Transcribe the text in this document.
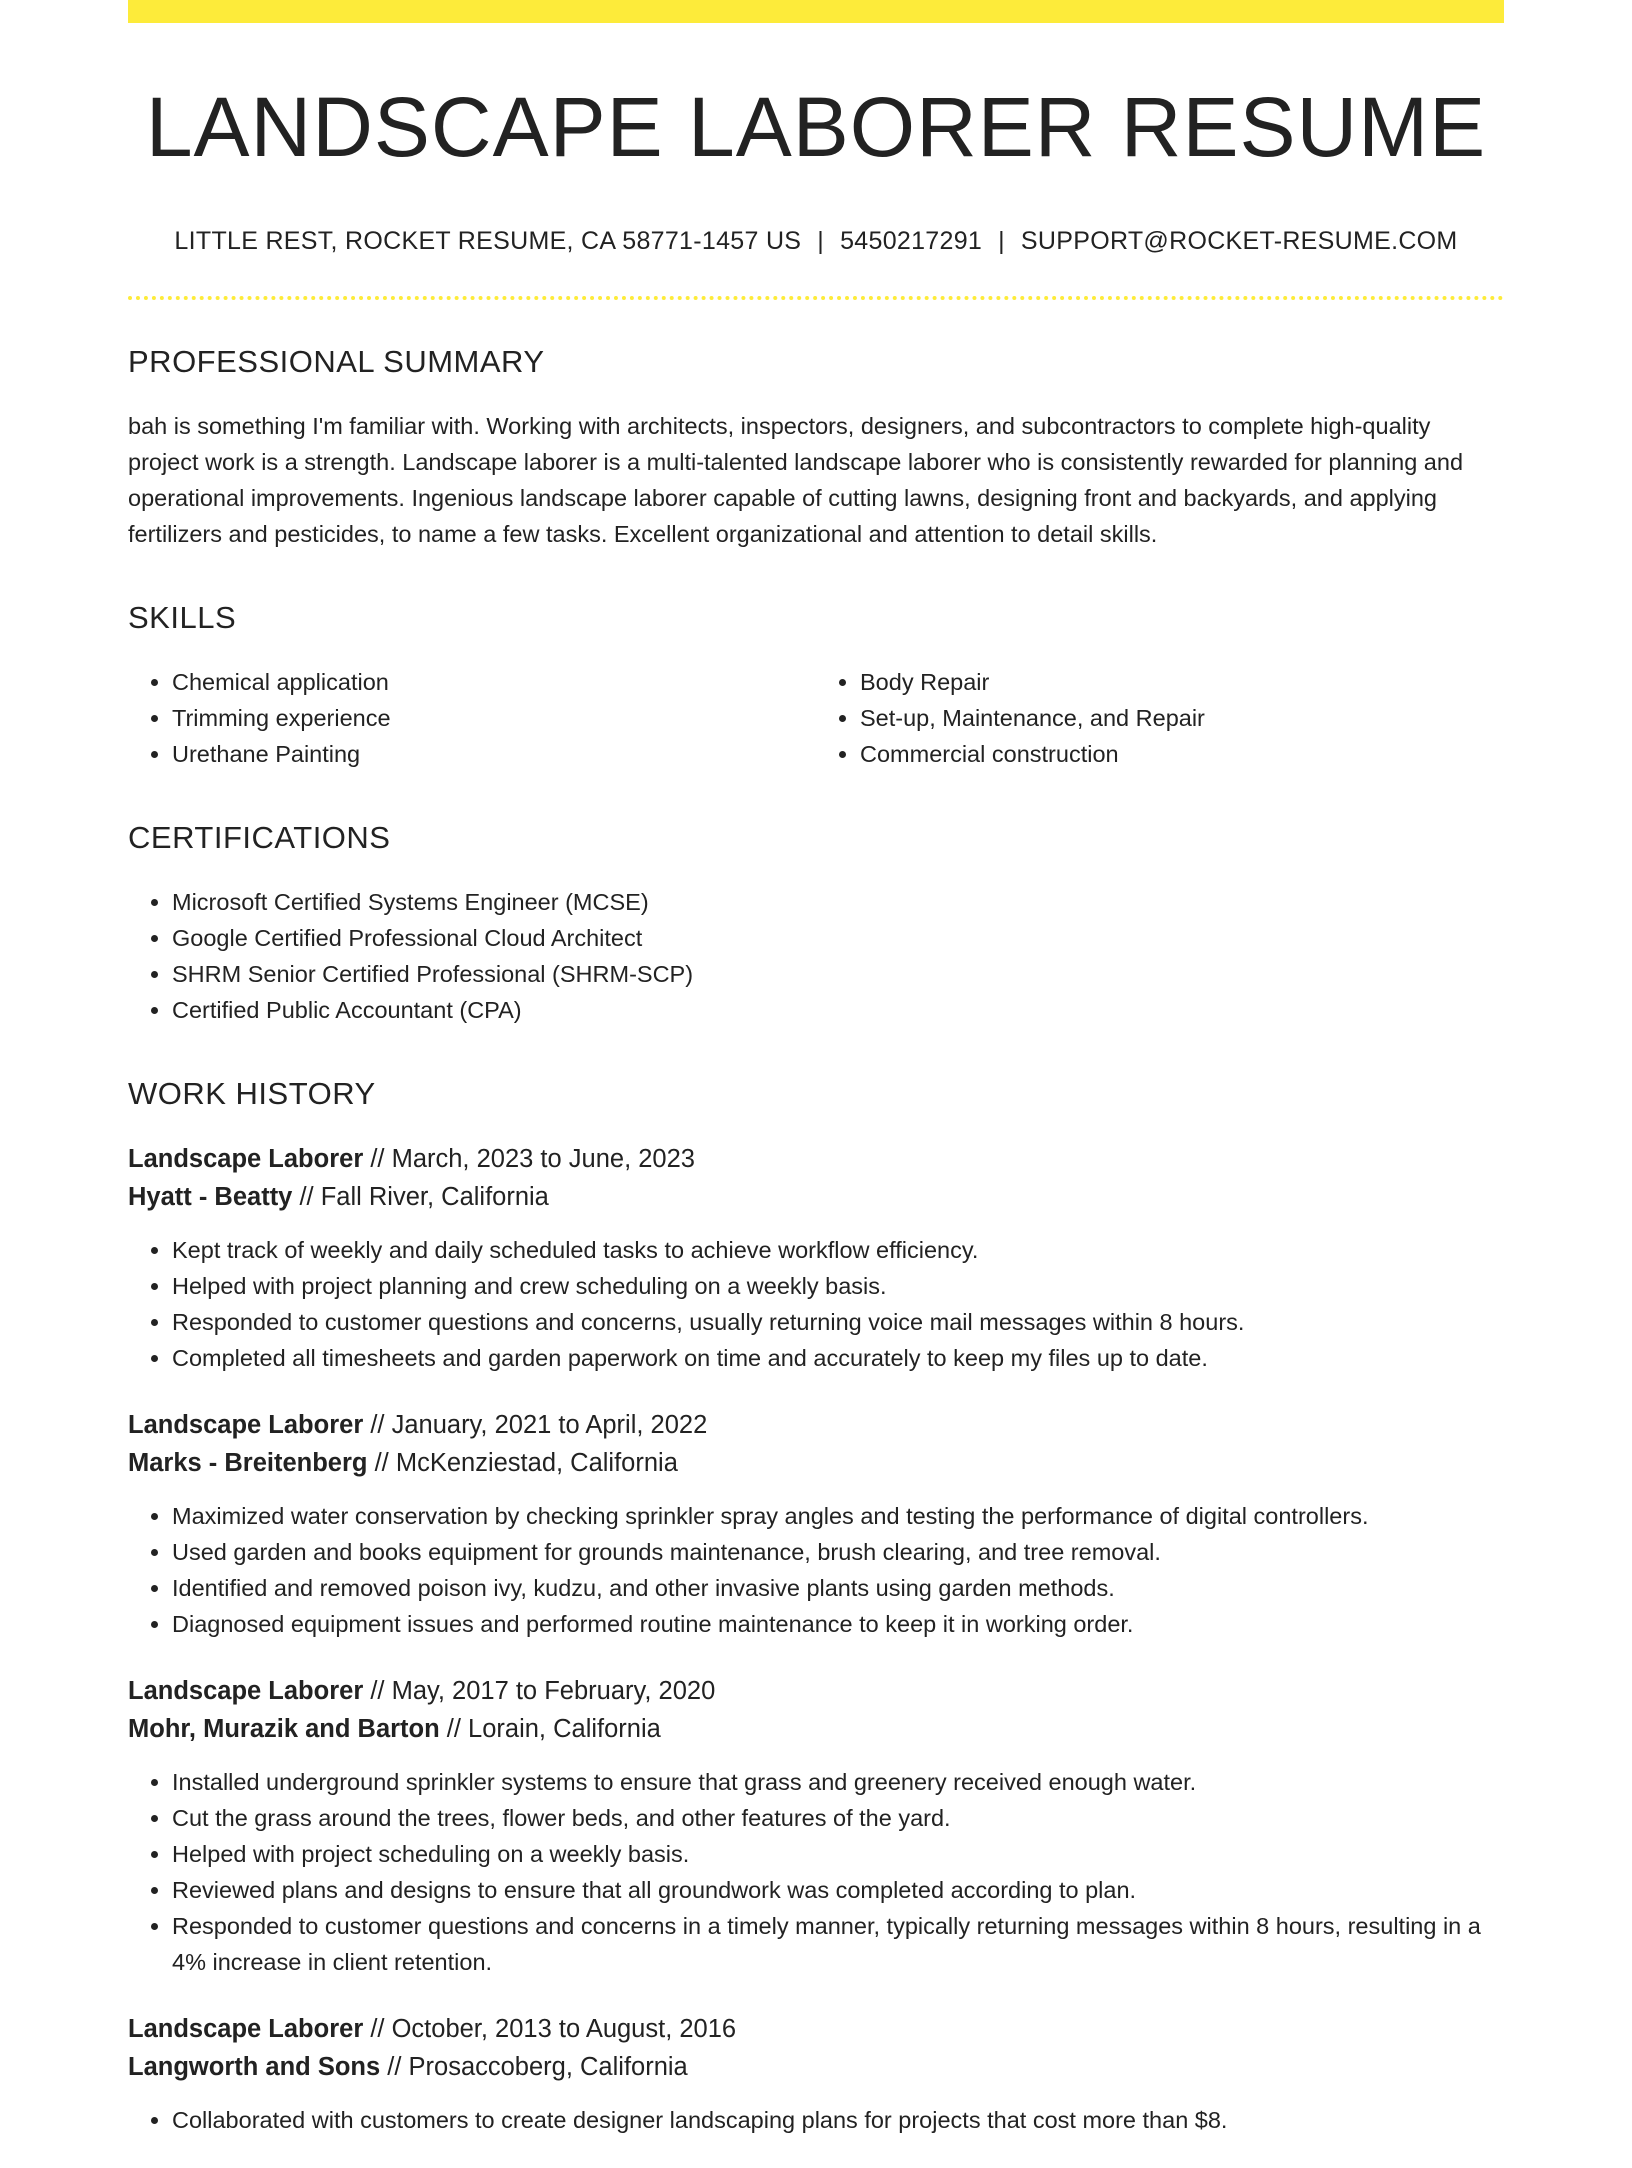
LANDSCAPE LABORER RESUME
LITTLE REST, ROCKET RESUME, CA 58771-1457 US | 5450217291 | SUPPORT@ROCKET-RESUME.COM
PROFESSIONAL SUMMARY

bah is something I'm familiar with. Working with architects, inspectors, designers, and subcontractors to complete high-quality project work is a strength. Landscape laborer is a multi-talented landscape laborer who is consistently rewarded for planning and operational improvements. Ingenious landscape laborer capable of cutting lawns, designing front and backyards, and applying fertilizers and pesticides, to name a few tasks. Excellent organizational and attention to detail skills.

SKILLS
• Chemical application
• Trimming experience
• Urethane Painting
• Body Repair
• Set-up, Maintenance, and Repair
• Commercial construction
CERTIFICATIONS
• Microsoft Certified Systems Engineer (MCSE)
• Google Certified Professional Cloud Architect
• SHRM Senior Certified Professional (SHRM-SCP)
• Certified Public Accountant (CPA)
WORK HISTORY
Landscape Laborer // March, 2023 to June, 2023
Hyatt - Beatty // Fall River, California
• Kept track of weekly and daily scheduled tasks to achieve workflow efficiency.
• Helped with project planning and crew scheduling on a weekly basis.
• Responded to customer questions and concerns, usually returning voice mail messages within 8 hours.
• Completed all timesheets and garden paperwork on time and accurately to keep my files up to date.
Landscape Laborer // January, 2021 to April, 2022
Marks - Breitenberg // McKenziestad, California
• Maximized water conservation by checking sprinkler spray angles and testing the performance of digital controllers.
• Used garden and books equipment for grounds maintenance, brush clearing, and tree removal.
• Identified and removed poison ivy, kudzu, and other invasive plants using garden methods.
• Diagnosed equipment issues and performed routine maintenance to keep it in working order.
Landscape Laborer // May, 2017 to February, 2020
Mohr, Murazik and Barton // Lorain, California
• Installed underground sprinkler systems to ensure that grass and greenery received enough water.
• Cut the grass around the trees, flower beds, and other features of the yard.
• Helped with project scheduling on a weekly basis.
• Reviewed plans and designs to ensure that all groundwork was completed according to plan.
• Responded to customer questions and concerns in a timely manner, typically returning messages within 8 hours, resulting in a 4% increase in client retention.
Landscape Laborer // October, 2013 to August, 2016
Langworth and Sons // Prosaccoberg, California
• Collaborated with customers to create designer landscaping plans for projects that cost more than $8.
